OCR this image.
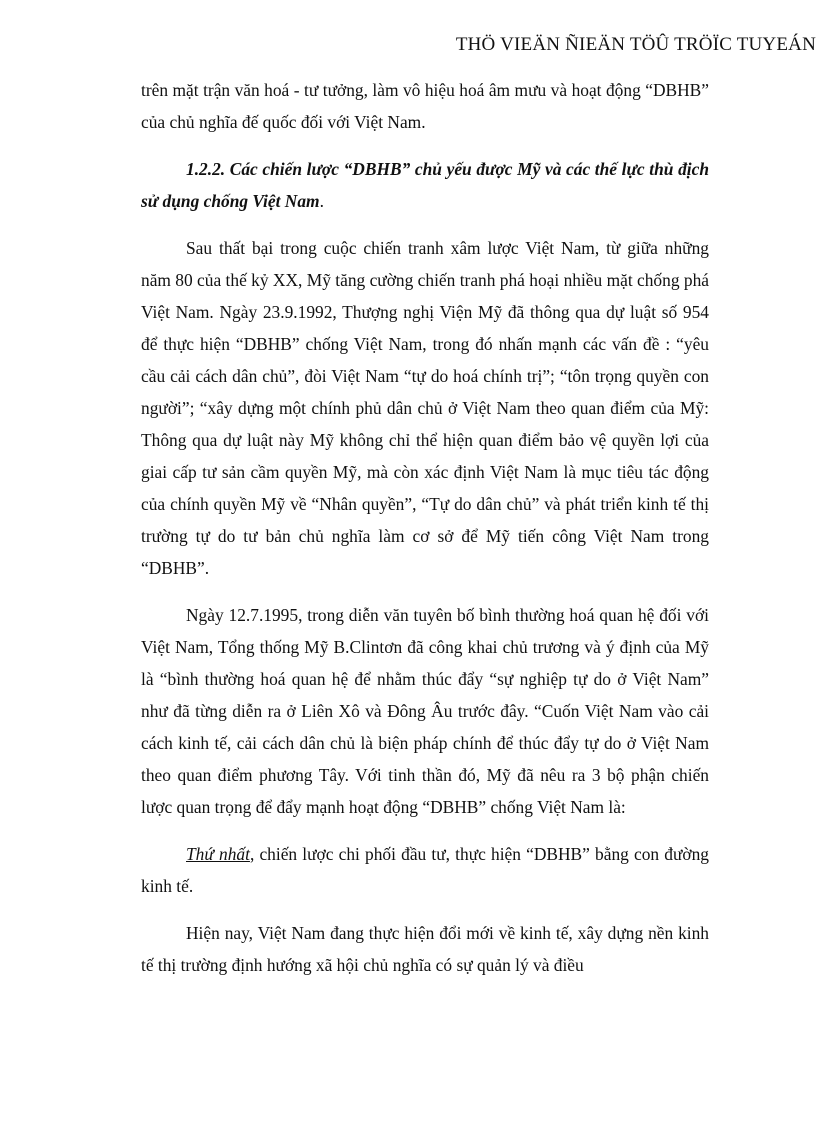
THÖ VIEÄN ÑIEÄN TÖÛ TRÖÏC TUYEÁN

trên mặt trận văn hoá - tư tưởng, làm vô hiệu hoá âm mưu và hoạt động “DBHB” của chủ nghĩa đế quốc đối với Việt Nam.

1.2.2. Các chiến lược “DBHB” chủ yếu được Mỹ và các thế lực thù địch sử dụng chống Việt Nam.

Sau thất bại trong cuộc chiến tranh xâm lược Việt Nam, từ giữa những năm 80 của thế kỷ XX, Mỹ tăng cường chiến tranh phá hoại nhiều mặt chống phá Việt Nam. Ngày 23.9.1992, Thượng nghị Viện Mỹ đã thông qua dự luật số 954 để thực hiện “DBHB” chống Việt Nam, trong đó nhấn mạnh các vấn đề : “yêu cầu cải cách dân chủ”, đòi Việt Nam “tự do hoá chính trị”; “tôn trọng quyền con người”; “xây dựng một chính phủ dân chủ ở Việt Nam theo quan điểm của Mỹ: Thông qua dự luật này Mỹ không chỉ thể hiện quan điểm bảo vệ quyền lợi của giai cấp tư sản cầm quyền Mỹ, mà còn xác định Việt Nam là mục tiêu tác động của chính quyền Mỹ về “Nhân quyền”, “Tự do dân chủ” và phát triển kinh tế thị trường tự do tư bản chủ nghĩa làm cơ sở để Mỹ tiến công Việt Nam trong “DBHB”.

Ngày 12.7.1995, trong diễn văn tuyên bố bình thường hoá quan hệ đối với Việt Nam, Tổng thống Mỹ B.Clintơn đã công khai chủ trương và ý định của Mỹ là “bình thường hoá quan hệ để nhằm thúc đẩy “sự nghiệp tự do ở Việt Nam” như đã từng diễn ra ở Liên Xô và Đông Âu trước đây. “Cuốn Việt Nam vào cải cách kinh tế, cải cách dân chủ là biện pháp chính để thúc đẩy tự do ở Việt Nam theo quan điểm phương Tây. Với tinh thần đó, Mỹ đã nêu ra 3 bộ phận chiến lược quan trọng để đẩy mạnh hoạt động “DBHB” chống Việt Nam là:

Thứ nhất, chiến lược chi phối đầu tư, thực hiện “DBHB” bằng con đường kinh tế.

Hiện nay, Việt Nam đang thực hiện đổi mới về kinh tế, xây dựng nền kinh tế thị trường định hướng xã hội chủ nghĩa có sự quản lý và điều
